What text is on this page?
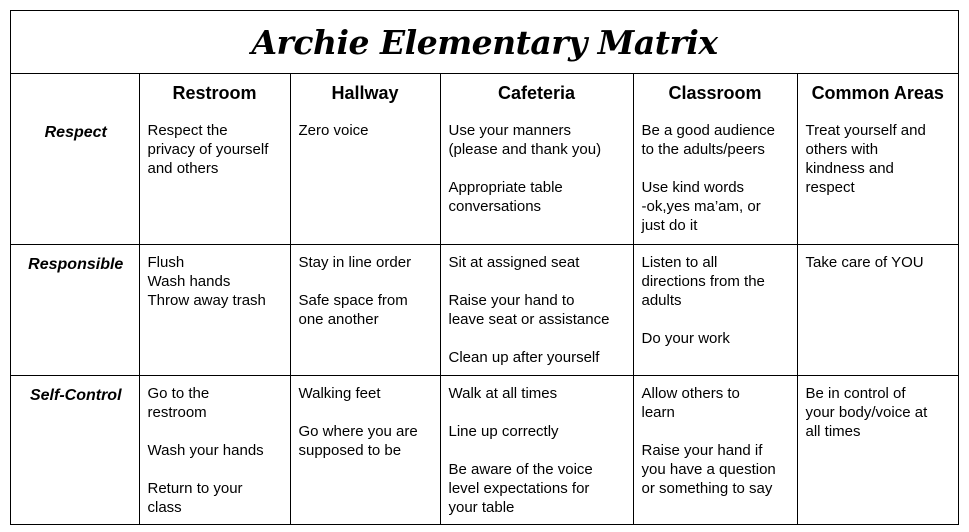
Archie Elementary Matrix
	Restroom	Hallway	Cafeteria	Classroom	Common Areas
Respect	Respect the
privacy of yourself
and others	Zero voice	Use your manners
(please and thank you)
Appropriate table
conversations	Be a good audience
to the adults/peers
Use kind words
-ok,yes ma’am, or
just do it	Treat yourself and
others with
kindness and
respect

Responsible	Flush
Wash hands
Throw away trash	Stay in line order
Safe space from
one another	Sit at assigned seat
Raise your hand to
leave seat or assistance
Clean up after yourself	Listen to all
directions from the
adults
Do your work	Take care of YOU

Self-Control	Go to the
restroom
Wash your hands
Return to your
class	Walking feet
Go where you are
supposed to be	Walk at all times
Line up correctly
Be aware of the voice
level expectations for
your table	Allow others to
learn
Raise your hand if
you have a question
or something to say	Be in control of
your body/voice at
all times
